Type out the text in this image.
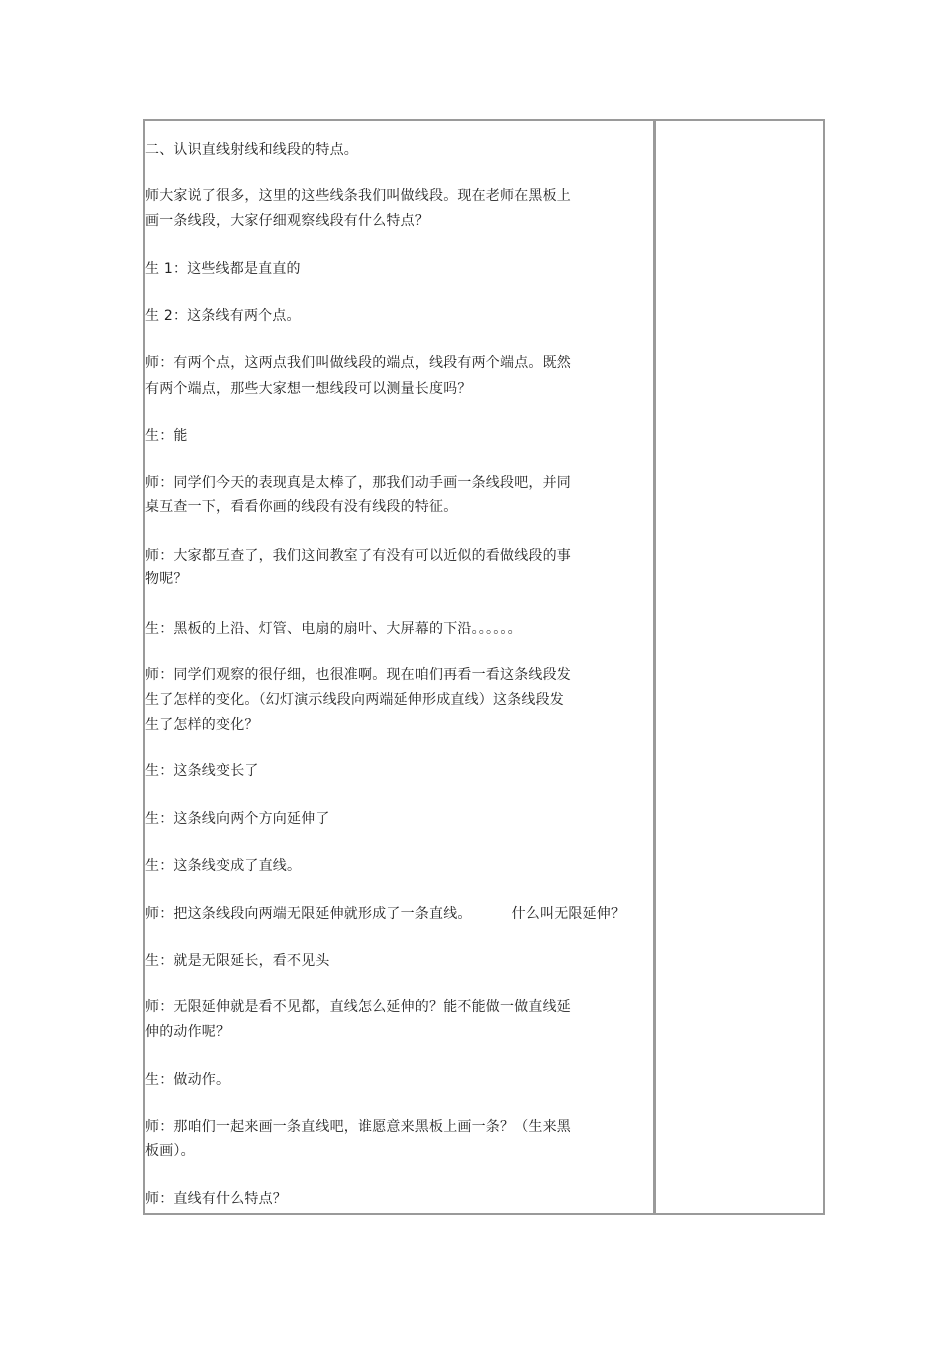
二、认识直线射线和线段的特点。
师大家说了很多，这里的这些线条我们叫做线段。现在老师在黑板上
画一条线段，大家仔细观察线段有什么特点？
生 1：这些线都是直直的
生 2：这条线有两个点。
师：有两个点，这两点我们叫做线段的端点，线段有两个端点。既然
有两个端点，那些大家想一想线段可以测量长度吗？
生：能
师：同学们今天的表现真是太棒了，那我们动手画一条线段吧，并同
桌互查一下，看看你画的线段有没有线段的特征。
师：大家都互查了，我们这间教室了有没有可以近似的看做线段的事
物呢？
生：黑板的上沿、灯管、电扇的扇叶、大屏幕的下沿。。。。。。
师：同学们观察的很仔细，也很准啊。现在咱们再看一看这条线段发
生了怎样的变化。（幻灯演示线段向两端延伸形成直线）这条线段发
生了怎样的变化？
生：这条线变长了
生：这条线向两个方向延伸了
生：这条线变成了直线。
师：把这条线段向两端无限延伸就形成了一条直线。	什么叫无限延伸？
生：就是无限延长，看不见头
师：无限延伸就是看不见都，直线怎么延伸的？能不能做一做直线延
伸的动作呢？
生：做动作。
师：那咱们一起来画一条直线吧，谁愿意来黑板上画一条？（生来黑
板画）。
师：直线有什么特点？
